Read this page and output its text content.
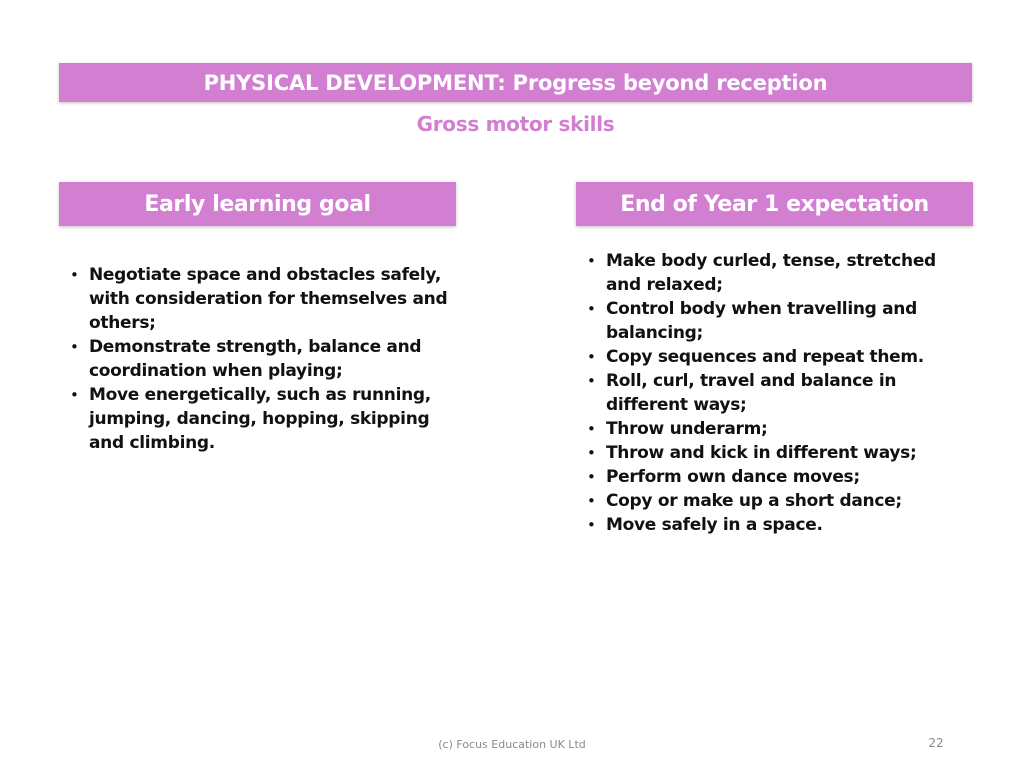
PHYSICAL DEVELOPMENT: Progress beyond reception
Gross motor skills
Early learning goal	End of Year 1 expectation
• Negotiate space and obstacles safely, with consideration for themselves and others;
• Demonstrate strength, balance and coordination when playing;
• Move energetically, such as running, jumping, dancing, hopping, skipping and climbing.
• Make body curled, tense, stretched and relaxed;
• Control body when travelling and balancing;
• Copy sequences and repeat them.
• Roll, curl, travel and balance in different ways;
• Throw underarm;
• Throw and kick in different ways;
• Perform own dance moves;
• Copy or make up a short dance;
• Move safely in a space.
(c) Focus Education UK Ltd	22
